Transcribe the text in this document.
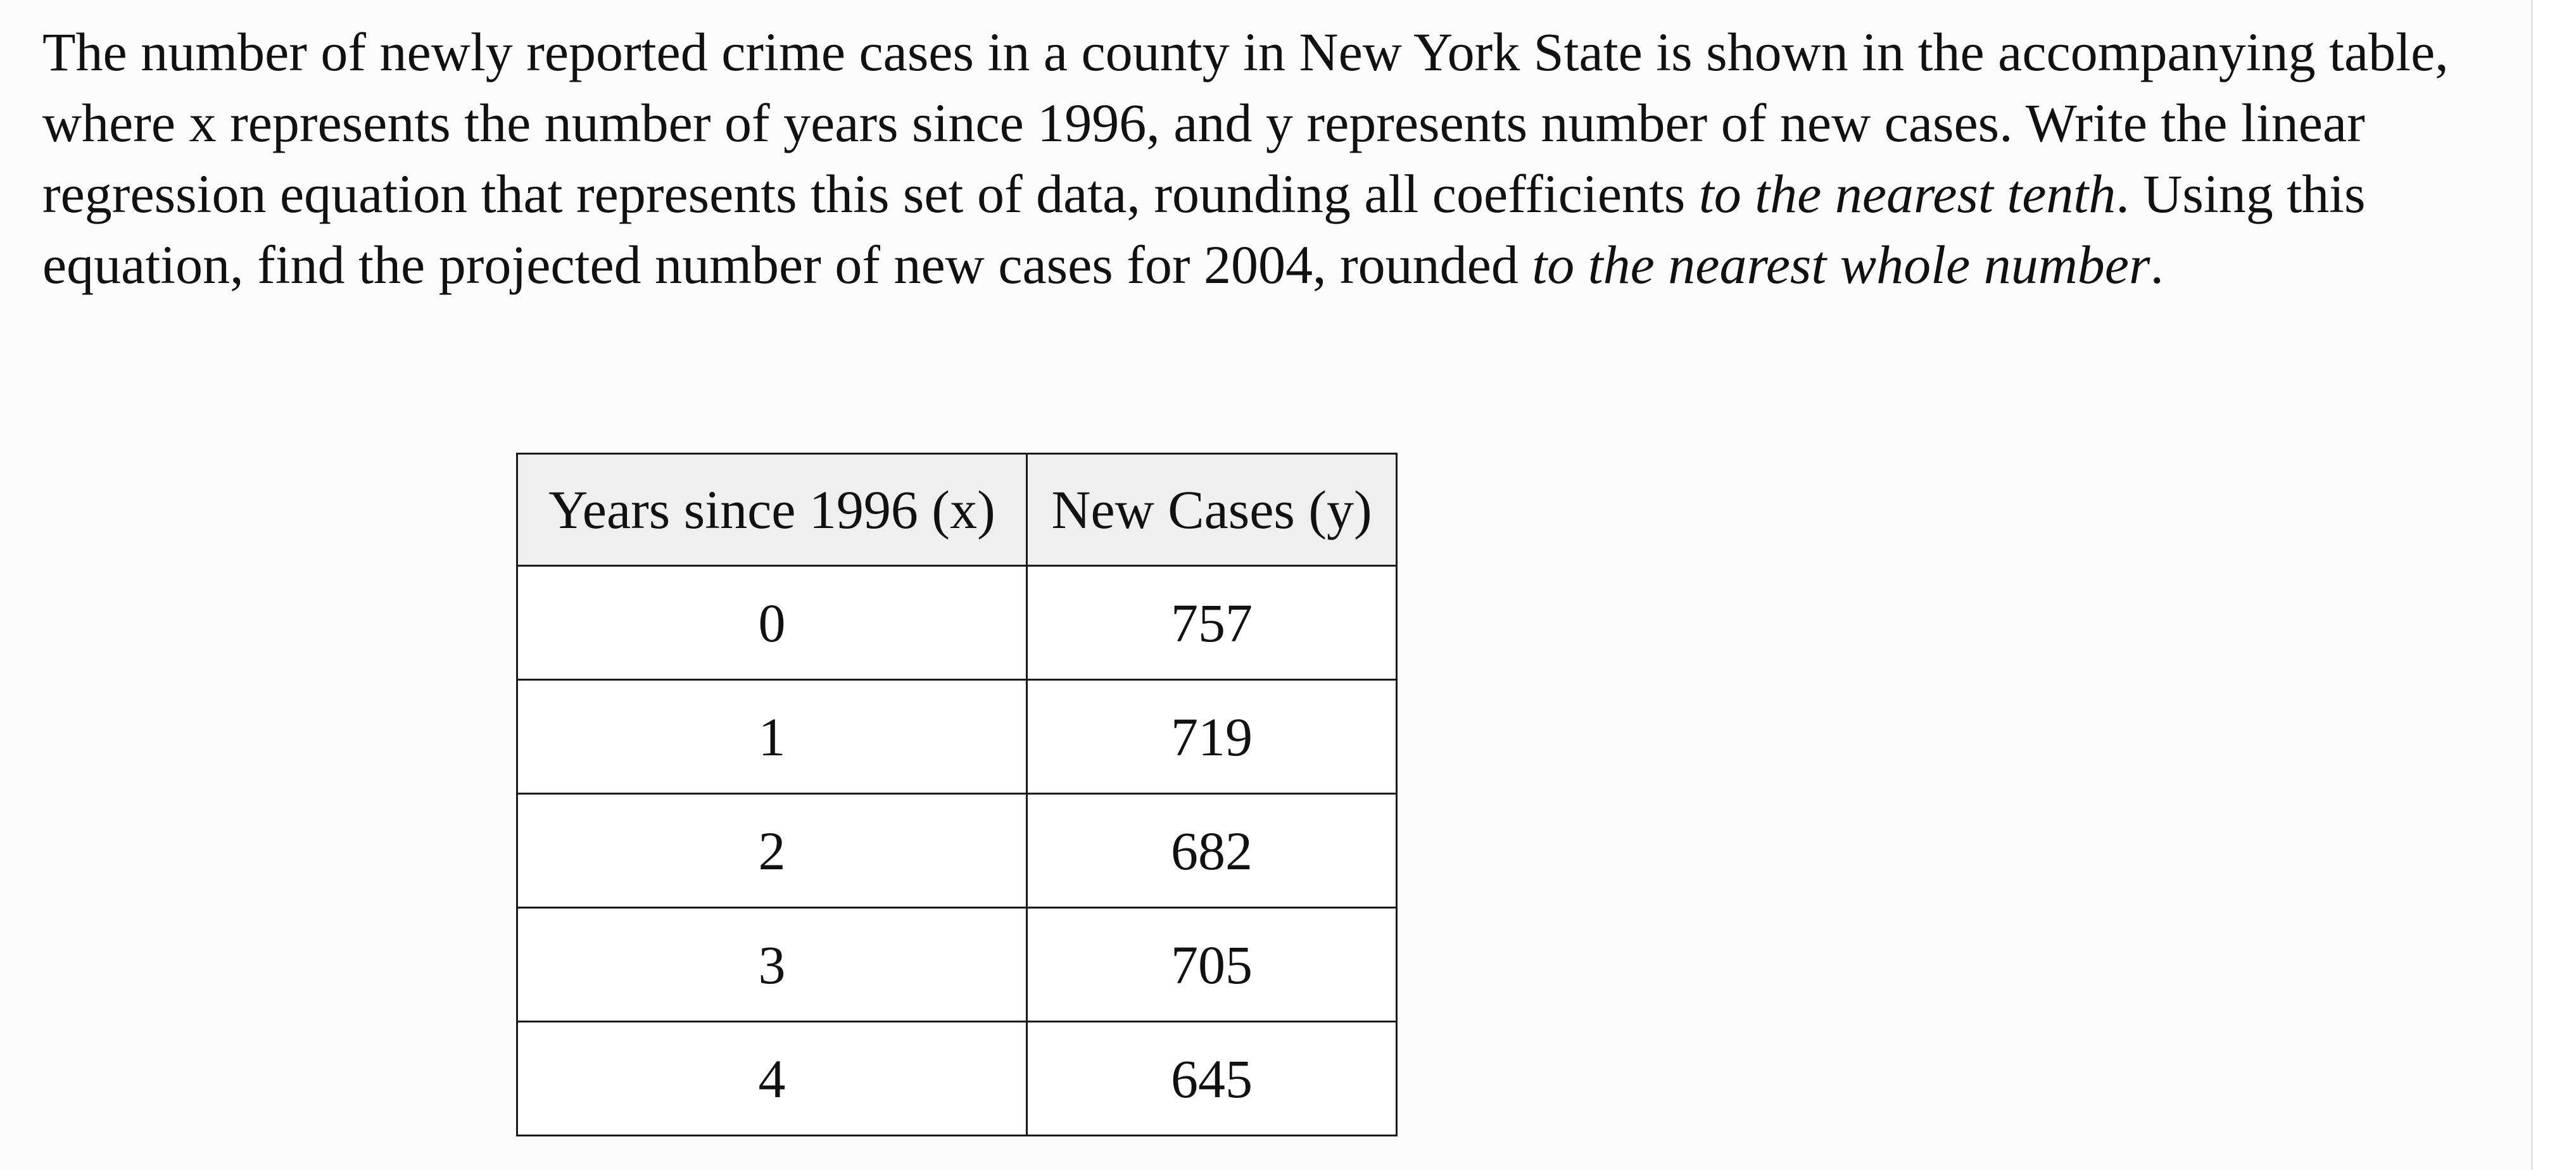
The number of newly reported crime cases in a county in New York State is shown in the accompanying table, where x represents the number of years since 1996, and y represents number of new cases. Write the linear regression equation that represents this set of data, rounding all coefficients to the nearest tenth. Using this equation, find the projected number of new cases for 2004, rounded to the nearest whole number.

Years since 1996 (x)	New Cases (y)
0	757
1	719
2	682
3	705
4	645
